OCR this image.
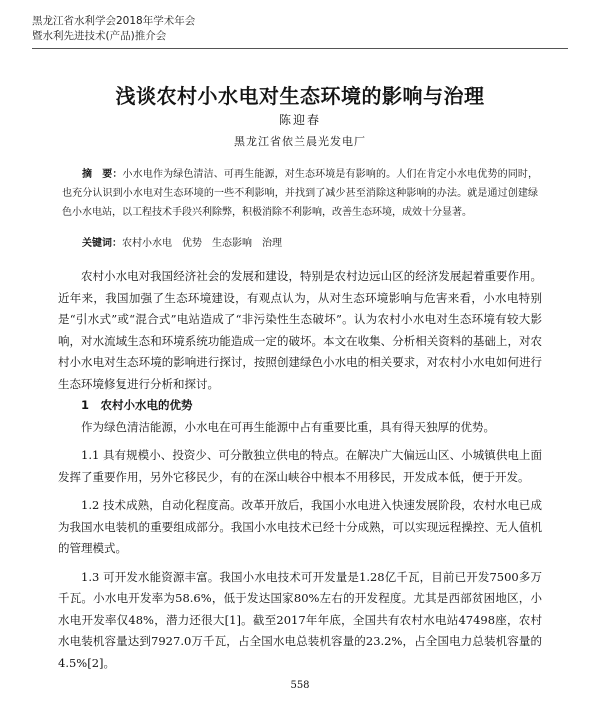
黑龙江省水利学会2018年学术年会
暨水利先进技术(产品)推介会
浅谈农村小水电对生态环境的影响与治理
陈迎春
黑龙江省依兰晨光发电厂
摘　要：小水电作为绿色清洁、可再生能源，对生态环境是有影响的。人们在肯定小水电优势的同时，也充分认识到小水电对生态环境的一些不利影响，并找到了减少甚至消除这种影响的办法。就是通过创建绿色小水电站，以工程技术手段兴利除弊，积极消除不利影响，改善生态环境，成效十分显著。
关键词：农村小水电　优势　生态影响　治理

农村小水电对我国经济社会的发展和建设，特别是农村边远山区的经济发展起着重要作用。近年来，我国加强了生态环境建设，有观点认为，从对生态环境影响与危害来看，小水电特别是“引水式”或“混合式”电站造成了“非污染性生态破坏”。认为农村小水电对生态环境有较大影响，对水流域生态和环境系统功能造成一定的破坏。本文在收集、分析相关资料的基础上，对农村小水电对生态环境的影响进行探讨，按照创建绿色小水电的相关要求，对农村小水电如何进行生态环境修复进行分析和探讨。

1　农村小水电的优势

作为绿色清洁能源，小水电在可再生能源中占有重要比重，具有得天独厚的优势。

1.1 具有规模小、投资少、可分散独立供电的特点。在解决广大偏远山区、小城镇供电上面发挥了重要作用，另外它移民少，有的在深山峡谷中根本不用移民，开发成本低，便于开发。

1.2 技术成熟，自动化程度高。改革开放后，我国小水电进入快速发展阶段，农村水电已成为我国水电装机的重要组成部分。我国小水电技术已经十分成熟，可以实现远程操控、无人值机的管理模式。

1.3 可开发水能资源丰富。我国小水电技术可开发量是1.28亿千瓦，目前已开发7500多万千瓦。小水电开发率为58.6%，低于发达国家80%左右的开发程度。尤其是西部贫困地区，小水电开发率仅48%，潜力还很大[1]。截至2017年年底，全国共有农村水电站47498座，农村水电装机容量达到7927.0万千瓦，占全国水电总装机容量的23.2%，占全国电力总装机容量的4.5%[2]。

558
